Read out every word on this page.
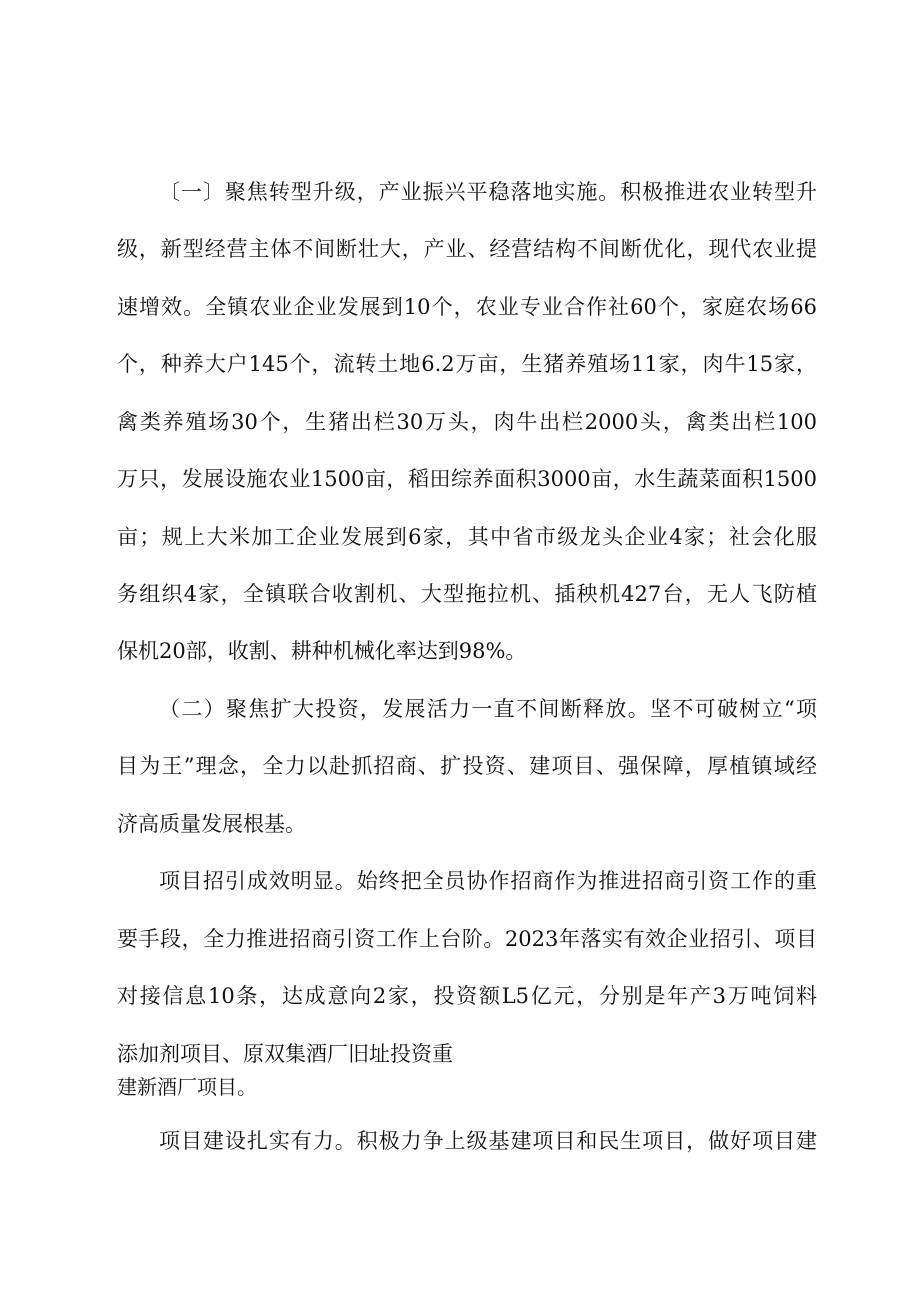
〔一〕聚焦转型升级，产业振兴平稳落地实施。积极推进农业转型升
级，新型经营主体不间断壮大，产业、经营结构不间断优化，现代农业提
速增效。全镇农业企业发展到10个，农业专业合作社60个，家庭农场66
个，种养大户145个，流转土地6.2万亩，生猪养殖场11家，肉牛15家，
禽类养殖场30个，生猪出栏30万头，肉牛出栏2000头，禽类出栏100
万只，发展设施农业1500亩，稻田综养面积3000亩，水生蔬菜面积1500
亩；规上大米加工企业发展到6家，其中省市级龙头企业4家；社会化服
务组织4家，全镇联合收割机、大型拖拉机、插秧机427台，无人飞防植
保机20部，收割、耕种机械化率达到98%。
（二）聚焦扩大投资，发展活力一直不间断释放。坚不可破树立“项
目为王”理念，全力以赴抓招商、扩投资、建项目、强保障，厚植镇域经
济高质量发展根基。
项目招引成效明显。始终把全员协作招商作为推进招商引资工作的重
要手段，全力推进招商引资工作上台阶。2023年落实有效企业招引、项目
对接信息10条，达成意向2家，投资额L5亿元，分别是年产3万吨饲料
添加剂项目、原双集酒厂旧址投资重
建新酒厂项目。
项目建设扎实有力。积极力争上级基建项目和民生项目，做好项目建
